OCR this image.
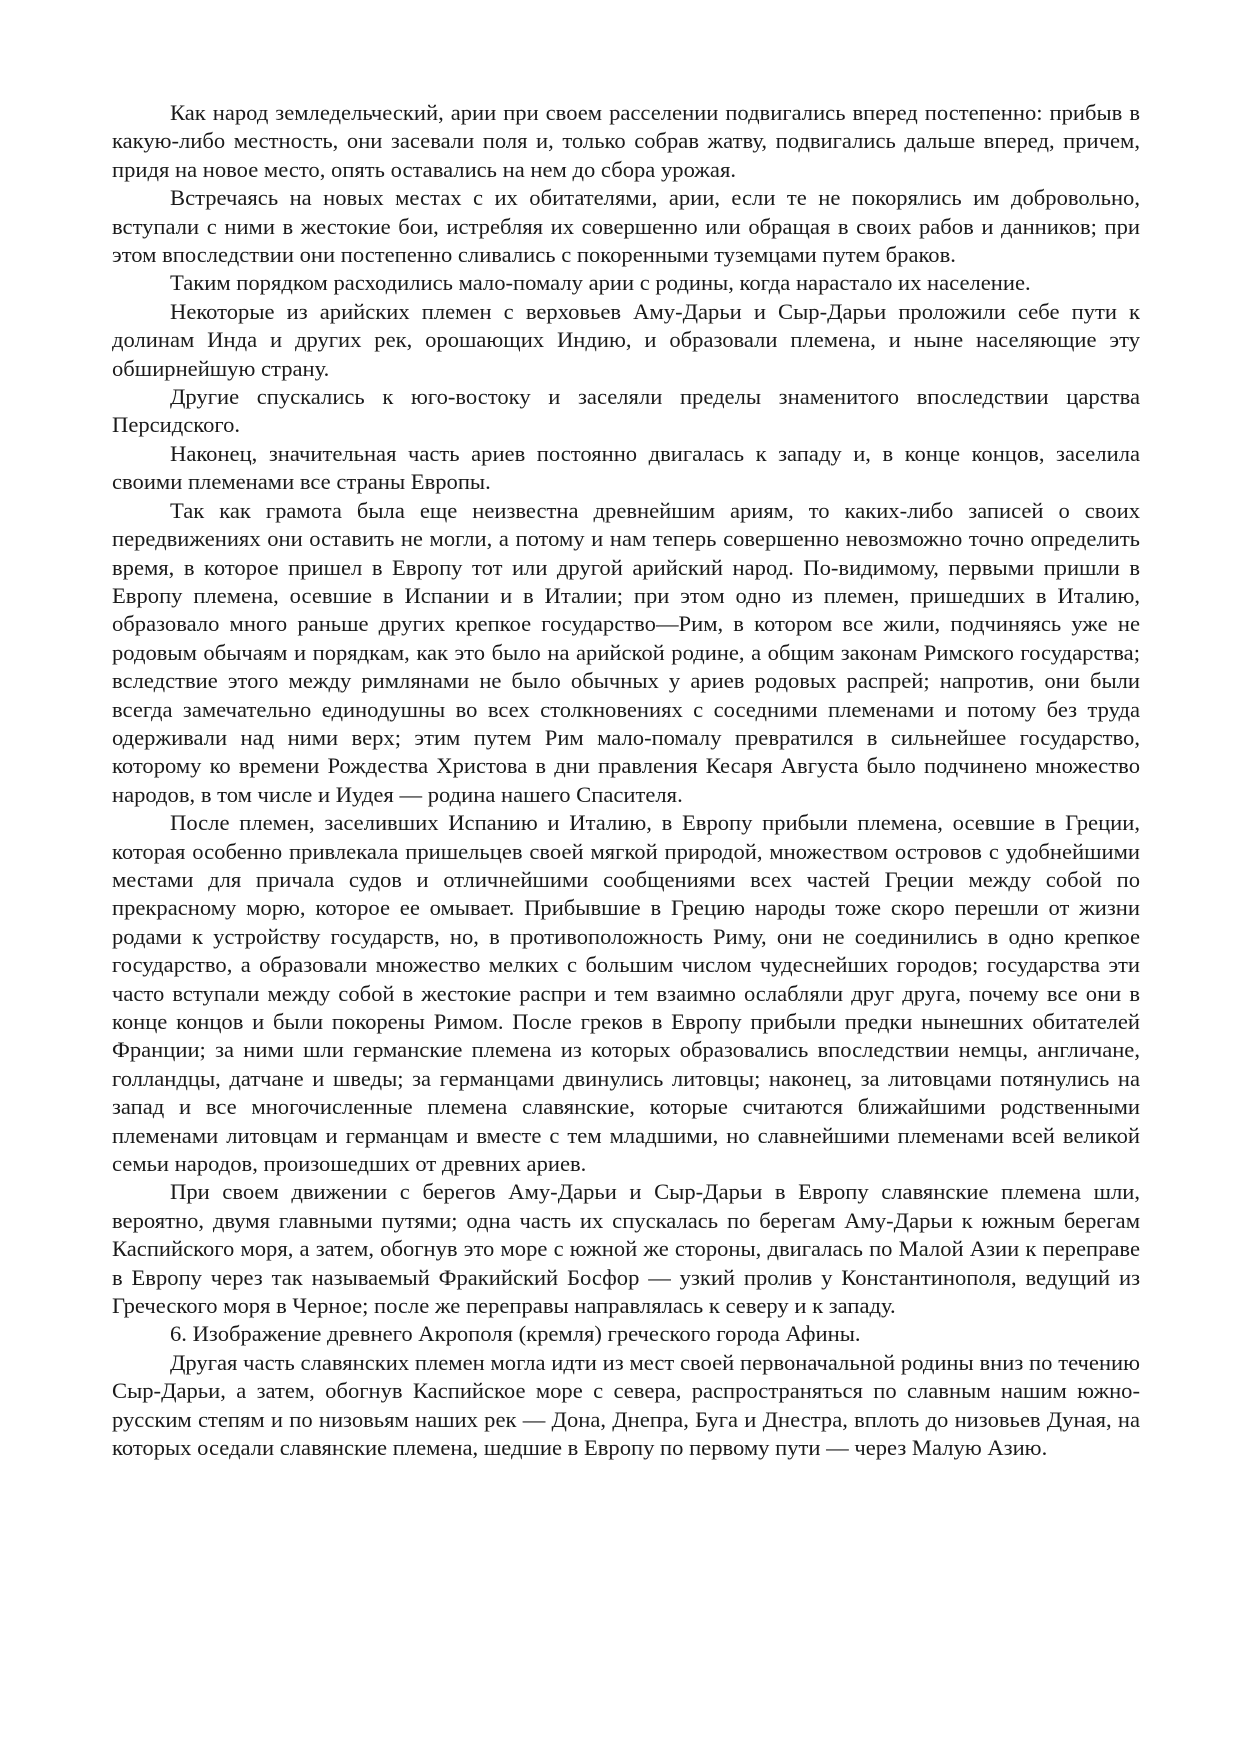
Как народ земледельческий, арии при своем расселении подвигались вперед постепенно: прибыв в какую-либо местность, они засевали поля и, только собрав жатву, подвигались дальше вперед, причем, придя на новое место, опять оставались на нем до сбора урожая.

Встречаясь на новых местах с их обитателями, арии, если те не покорялись им добровольно, вступали с ними в жестокие бои, истребляя их совершенно или обращая в своих рабов и данников; при этом впоследствии они постепенно сливались с покоренными туземцами путем браков.

Таким порядком расходились мало-помалу арии с родины, когда нарастало их население.

Некоторые из арийских племен с верховьев Аму-Дарьи и Сыр-Дарьи проложили себе пути к долинам Инда и других рек, орошающих Индию, и образовали племена, и ныне населяющие эту обширнейшую страну.

Другие спускались к юго-востоку и заселяли пределы знаменитого впоследствии царства Персидского.

Наконец, значительная часть ариев постоянно двигалась к западу и, в конце концов, заселила своими племенами все страны Европы.

Так как грамота была еще неизвестна древнейшим ариям, то каких-либо записей о своих передвижениях они оставить не могли, а потому и нам теперь совершенно невозможно точно определить время, в которое пришел в Европу тот или другой арийский народ. По-видимому, первыми пришли в Европу племена, осевшие в Испании и в Италии; при этом одно из племен, пришедших в Италию, образовало много раньше других крепкое государство—Рим, в котором все жили, подчиняясь уже не родовым обычаям и порядкам, как это было на арийской родине, а общим законам Римского государства; вследствие этого между римлянами не было обычных у ариев родовых распрей; напротив, они были всегда замечательно единодушны во всех столкновениях с соседними племенами и потому без труда одерживали над ними верх; этим путем Рим мало-помалу превратился в сильнейшее государство, которому ко времени Рождества Христова в дни правления Кесаря Августа было подчинено множество народов, в том числе и Иудея — родина нашего Спасителя.

После племен, заселивших Испанию и Италию, в Европу прибыли племена, осевшие в Греции, которая особенно привлекала пришельцев своей мягкой природой, множеством островов с удобнейшими местами для причала судов и отличнейшими сообщениями всех частей Греции между собой по прекрасному морю, которое ее омывает. Прибывшие в Грецию народы тоже скоро перешли от жизни родами к устройству государств, но, в противоположность Риму, они не соединились в одно крепкое государство, а образовали множество мелких с большим числом чудеснейших городов; государства эти часто вступали между собой в жестокие распри и тем взаимно ослабляли друг друга, почему все они в конце концов и были покорены Римом. После греков в Европу прибыли предки нынешних обитателей Франции; за ними шли германские племена из которых образовались впоследствии немцы, англичане, голландцы, датчане и шведы; за германцами двинулись литовцы; наконец, за литовцами потянулись на запад и все многочисленные племена славянские, которые считаются ближайшими родственными племенами литовцам и германцам и вместе с тем младшими, но славнейшими племенами всей великой семьи народов, произошедших от древних ариев.

При своем движении с берегов Аму-Дарьи и Сыр-Дарьи в Европу славянские племена шли, вероятно, двумя главными путями; одна часть их спускалась по берегам Аму-Дарьи к южным берегам Каспийского моря, а затем, обогнув это море с южной же стороны, двигалась по Малой Азии к переправе в Европу через так называемый Фракийский Босфор — узкий пролив у Константинополя, ведущий из Греческого моря в Черное; после же переправы направлялась к северу и к западу.

6. Изображение древнего Акрополя (кремля) греческого города Афины.

Другая часть славянских племен могла идти из мест своей первоначальной родины вниз по течению Сыр-Дарьи, а затем, обогнув Каспийское море с севера, распространяться по славным нашим южно-русским степям и по низовьям наших рек — Дона, Днепра, Буга и Днестра, вплоть до низовьев Дуная, на которых оседали славянские племена, шедшие в Европу по первому пути — через Малую Азию.
